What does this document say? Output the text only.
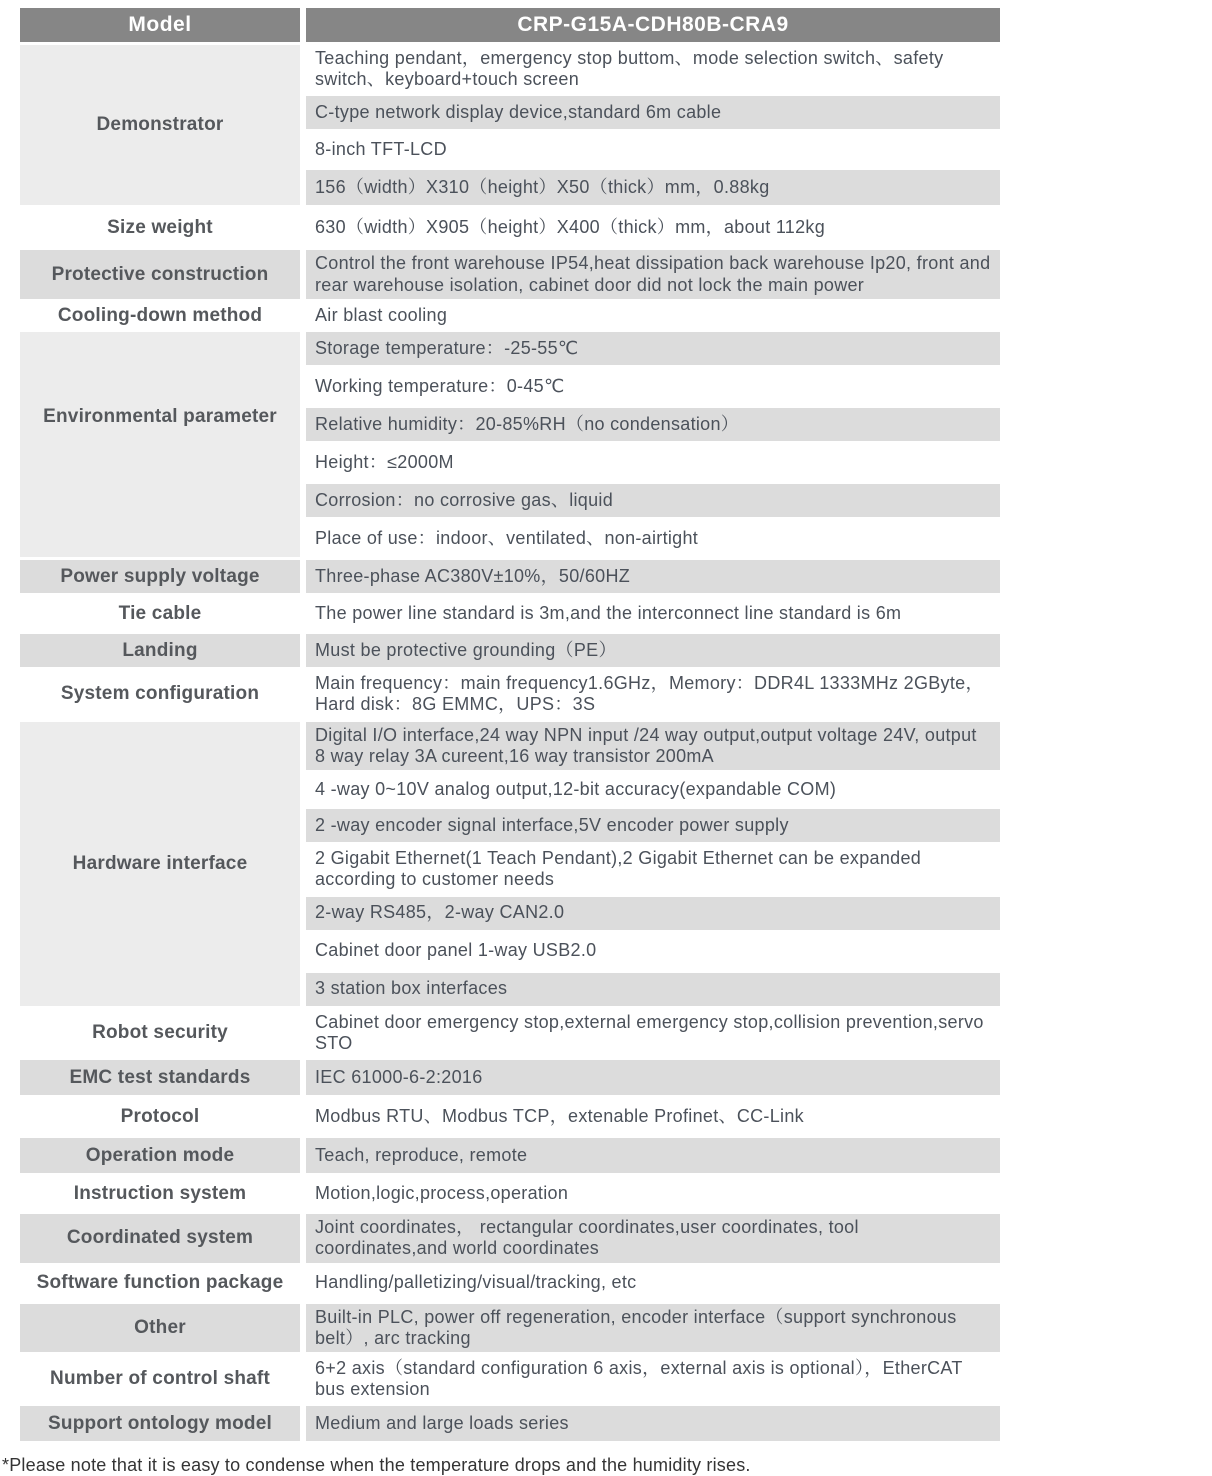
Model	CRP-G15A-CDH80B-CRA9
Demonstrator	Teaching pendant，emergency stop buttom、mode selection switch、safety switch、keyboard+touch screen
	C-type network display device,standard 6m cable
	8-inch TFT-LCD
	156（width）X310（height）X50（thick）mm，0.88kg
Size weight	630（width）X905（height）X400（thick）mm，about 112kg
Protective construction	Control the front warehouse IP54,heat dissipation back warehouse Ip20, front and rear warehouse isolation, cabinet door did not lock the main power
Cooling-down method	Air blast cooling
Environmental parameter	Storage temperature：-25-55℃
	Working temperature：0-45℃
	Relative humidity：20-85%RH（no condensation）
	Height：≤2000M
	Corrosion：no corrosive gas、liquid
	Place of use：indoor、ventilated、non-airtight
Power supply voltage	Three-phase AC380V±10%，50/60HZ
Tie cable	The power line standard is 3m,and the interconnect line standard is 6m
Landing	Must be protective grounding（PE）
System configuration	Main frequency：main frequency1.6GHz，Memory：DDR4L 1333MHz 2GByte，Hard disk：8G EMMC，UPS：3S
Hardware interface	Digital I/O interface,24 way NPN input /24 way output,output voltage 24V, output 8 way relay 3A cureent,16 way transistor 200mA
	4 -way 0~10V analog output,12-bit accuracy(expandable COM)
	2 -way encoder signal interface,5V encoder power supply
	2 Gigabit Ethernet(1 Teach Pendant),2 Gigabit Ethernet can be expanded according to customer needs
	2-way RS485，2-way CAN2.0
	Cabinet door panel 1-way USB2.0
	3 station box interfaces
Robot security	Cabinet door emergency stop,external emergency stop,collision prevention,servo STO
EMC test standards	IEC 61000-6-2:2016
Protocol	Modbus RTU、Modbus TCP，extenable Profinet、CC-Link
Operation mode	Teach, reproduce, remote
Instruction system	Motion,logic,process,operation
Coordinated system	Joint coordinates， rectangular coordinates,user coordinates, tool coordinates,and world coordinates
Software function package	Handling/palletizing/visual/tracking, etc
Other	Built-in PLC, power off regeneration, encoder interface（support synchronous belt）, arc tracking
Number of control shaft	6+2 axis（standard configuration 6 axis，external axis is optional），EtherCAT bus extension
Support ontology model	Medium and large loads series
*Please note that it is easy to condense when the temperature drops and the humidity rises.
